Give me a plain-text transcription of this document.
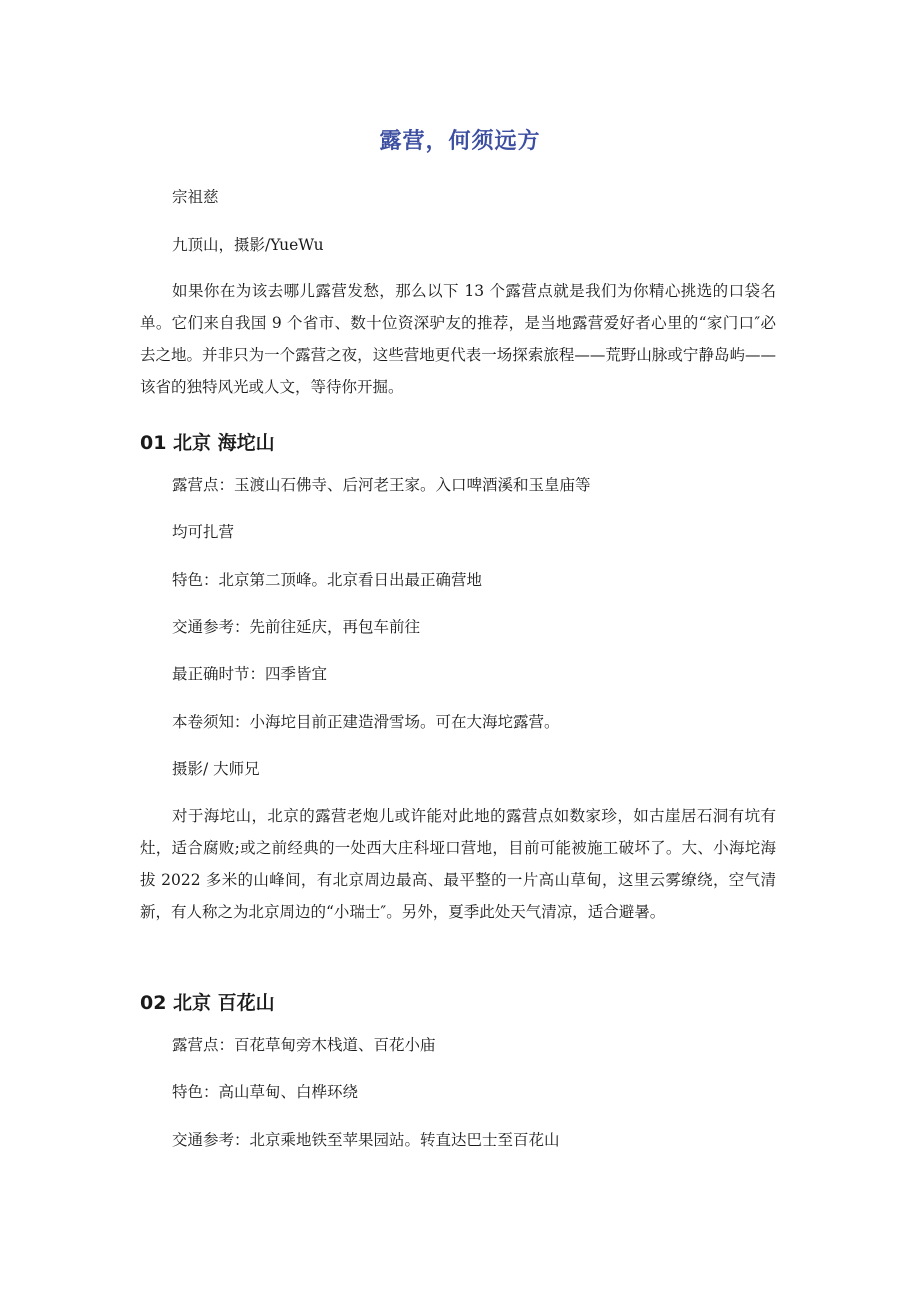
露营，何须远方
宗祖慈
九顶山，摄影/YueWu
如果你在为该去哪儿露营发愁，那么以下 13 个露营点就是我们为你精心挑选的口袋名单。它们来自我国 9 个省市、数十位资深驴友的推荐，是当地露营爱好者心里的“家门口″必去之地。并非只为一个露营之夜，这些营地更代表一场探索旅程——荒野山脉或宁静岛屿——该省的独特风光或人文，等待你开掘。
01 北京 海坨山
露营点：玉渡山石佛寺、后河老王家。入口啤酒溪和玉皇庙等
均可扎营
特色：北京第二顶峰。北京看日出最正确营地
交通参考：先前往延庆，再包车前往
最正确时节：四季皆宜
本卷须知：小海坨目前正建造滑雪场。可在大海坨露营。
摄影/ 大师兄
对于海坨山，北京的露营老炮儿或许能对此地的露营点如数家珍，如古崖居石洞有坑有灶，适合腐败;或之前经典的一处西大庄科垭口营地，目前可能被施工破坏了。大、小海坨海拔 2022 多米的山峰间，有北京周边最高、最平整的一片高山草甸，这里云雾缭绕，空气清新，有人称之为北京周边的“小瑞士″。另外，夏季此处天气清凉，适合避暑。
02 北京 百花山
露营点：百花草甸旁木栈道、百花小庙
特色：高山草甸、白桦环绕
交通参考：北京乘地铁至苹果园站。转直达巴士至百花山
